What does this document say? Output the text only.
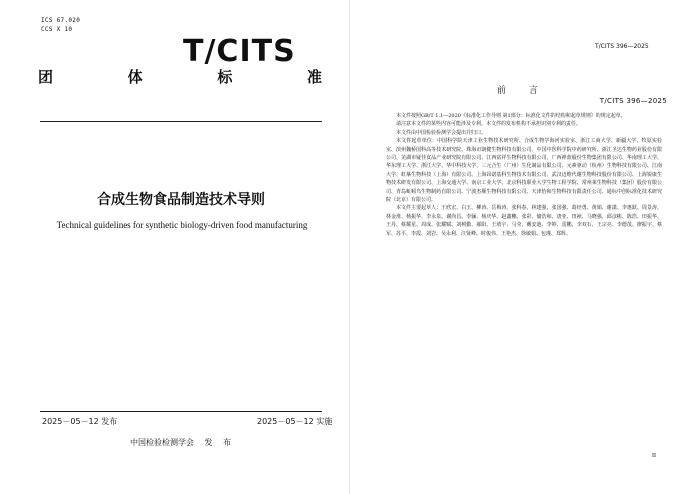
ICS 67.020
CCS X 10
T/CITS
团	体	标	准
T/CITS 396—2025
合成生物食品制造技术导则
Technical guidelines for synthetic biology-driven food manufacturing
2025－05－12 发布	2025－05－12 实施
中国检验检测学会 发 布
T/CITS 396—2025
前 言

本文件按照GB/T 1.1—2020《标准化工作导则 第1部分：标准化文件的结构和起草规则》的规定起草。

请注意本文件的某些内容可能涉及专利。本文件的发布机构不承担识别专利的责任。

本文件由中国检验检测学会提出并归口。

本文件起草单位：中国科学院天津工业生物技术研究所、合成生物学海河实验室、浙江工商大学、新疆大学、牧原实验室、滨州魏桥国科高等技术研究院、珠海市朗健生物科技有限公司、中国中医科学院中药研究所、浙江圣达生物药业股份有限公司、芜湖市疑佳食品产业研究院有限公司、江西富祥生物科技有限公司、广西禅蓝股份生物集团有限公司、华南理工大学、华东理工大学、浙江大学、华中科技大学、三元合生（广州）生化制品有限公司、元素驱动（杭州）生物科技有限公司、江南大学、虹摹生物科技（上海）有限公司、上海昂诺基科生物技术有限公司、武汉迈维代谢生物科技股份有限公司、上海锐康生物技术研发有限公司、上海交通大学、南京工业大学、北京科技职业大学生物工程学院、常州莱生物科技（集团）股份有限公司、青岛蚯蚓鸟生物制药有限公司、宁波杰顺生物科技有限公司、天津怡和生物科技有限责任公司、通标中创标准化技术研究院（北京）有限公司。

本文件主要起草人：王欣宏、白玉、柳涛、岳梅涛、张科春、林建强、张国强、葛经勇、黄娟、谢潇、李惠跃、周景涛、林金淮、杨振华、李永泉、谢尚昌、李骊、杨庆华、赵鑫穗、张彩、储浩和、唐亚、田祯、马晓强、邱彦彬、陈浩、田振华、王丹、蔡耀星、周成、张耀赋、刘树勤、郝阳、王靖宇、马莹、戴安迪、李婷、雷鹏、李双石、王宗亮、李德茂、廖振宇、蔡军、苏平、李霞、刘岩、吴永利、汪贤峰、时俊伟、王艳杰、徐敏娟、包瑾、郑辉。

II
